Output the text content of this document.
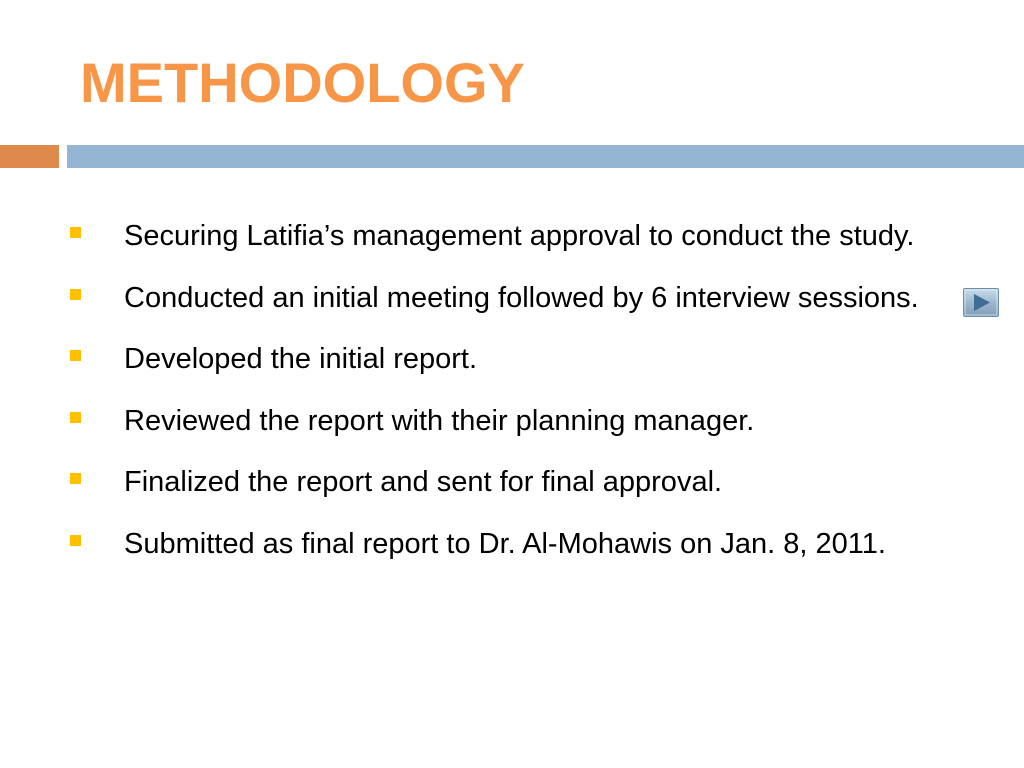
METHODOLOGY
Securing Latifia’s management approval to conduct the study.
Conducted an initial meeting followed by 6 interview sessions.
Developed the initial report.
Reviewed the report with their planning manager.
Finalized the report and sent for final approval.
Submitted as final report to Dr. Al-Mohawis on Jan. 8, 2011.
